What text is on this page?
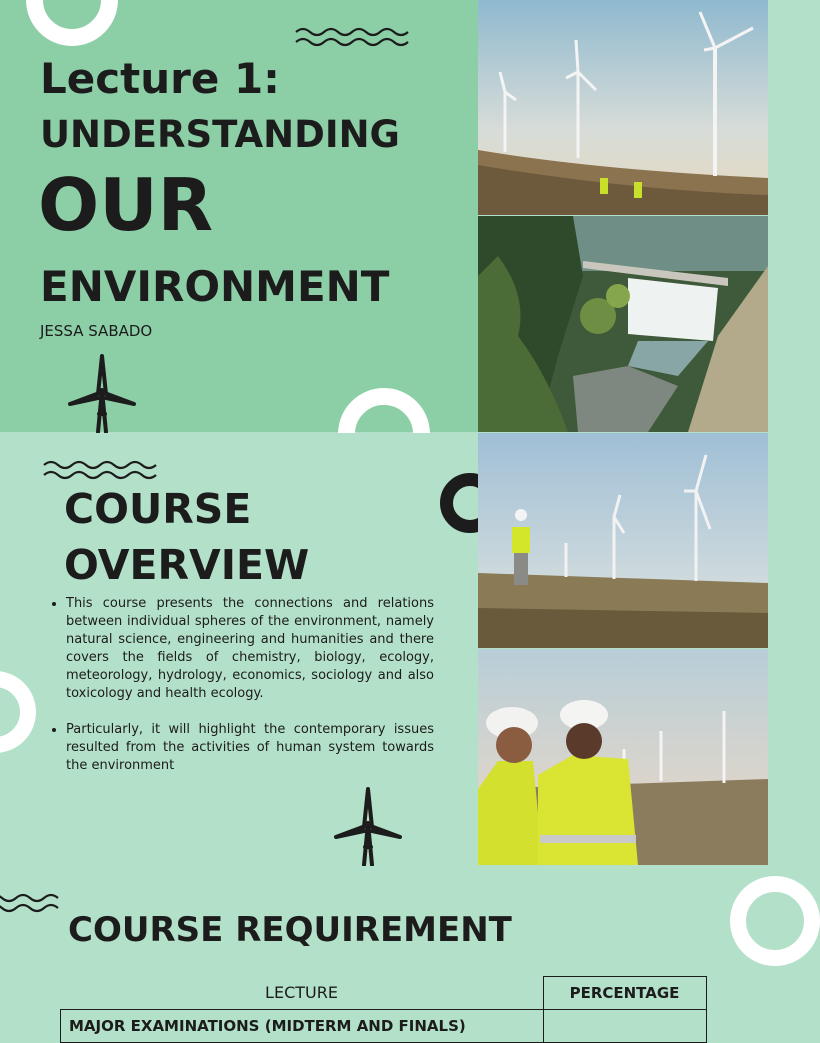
Lecture 1:
UNDERSTANDING
OUR
ENVIRONMENT
JESSA SABADO
COURSE
OVERVIEW
• This course presents the connections and relations between individual spheres of the environment, namely natural science, engineering and humanities and there covers the fields of chemistry, biology, ecology, meteorology, hydrology, economics, sociology and also toxicology and health ecology.
• Particularly, it will highlight the contemporary issues resulted from the activities of human system towards the environment
COURSE REQUIREMENT
LECTURE	PERCENTAGE
MAJOR EXAMINATIONS (MIDTERM AND FINALS)	
